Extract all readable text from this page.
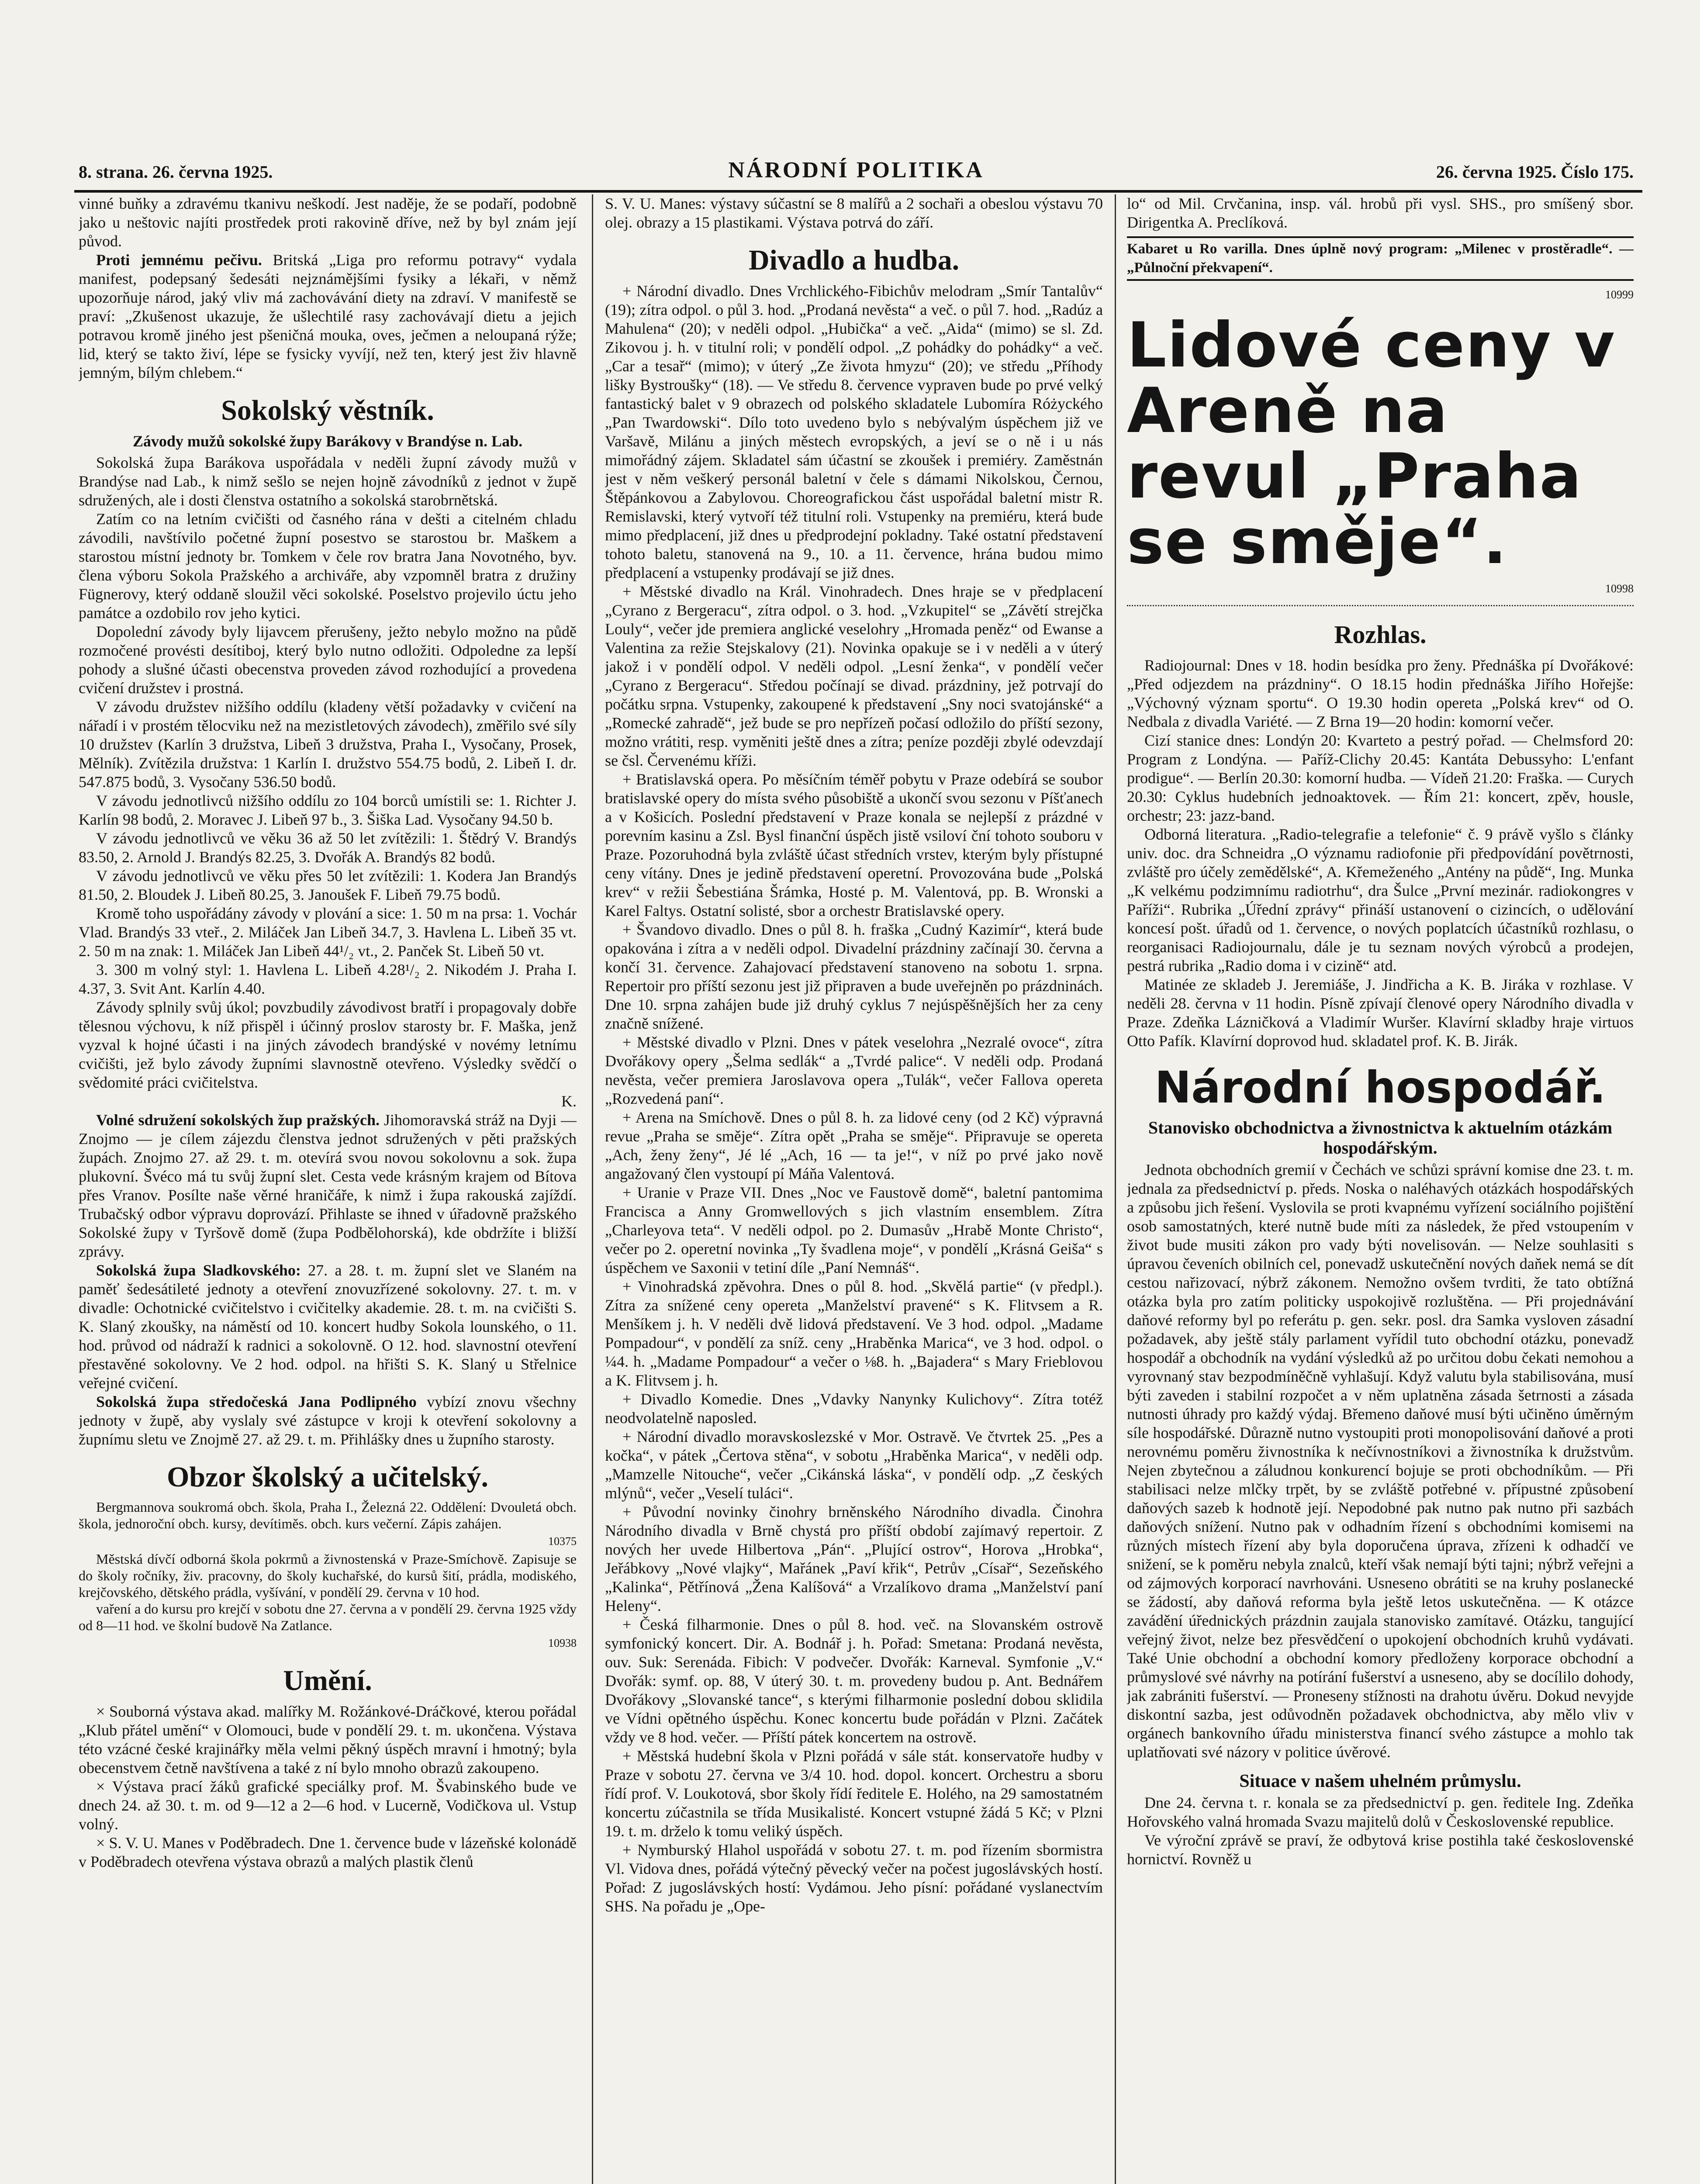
8. strana. 26. června 1925.	NÁRODNÍ POLITIKA	26. června 1925. Číslo 175.

vinné buňky a zdravému tkanivu neškodí. Jest naděje, že se podaří, podobně jako u neštovic najíti prostředek proti rakovině dříve, než by byl znám její původ.

Proti jemnému pečivu. Britská „Liga pro reformu potravy“ vydala manifest, podepsaný šedesáti nejznámějšími fysiky a lékaři, v němž upozorňuje národ, jaký vliv má zachovávání diety na zdraví. V manifestě se praví: „Zkušenost ukazuje, že ušlechtilé rasy zachovávají dietu a jejich potravou kromě jiného jest pšeničná mouka, oves, ječmen a neloupaná rýže; lid, který se takto živí, lépe se fysicky vyvíjí, než ten, který jest živ hlavně jemným, bílým chlebem.“

Sokolský věstník.
Závody mužů sokolské župy Barákovy v Brandýse n. Lab.

Sokolská župa Barákova uspořádala v neděli župní závody mužů v Brandýse nad Lab., k nimž sešlo se nejen hojně závodníků z jednot v župě sdružených, ale i dosti členstva ostatního a sokolská starobrnětská.

Zatím co na letním cvičišti od časného rána v dešti a citelném chladu závodili, navštívilo početné župní posestvo se starostou br. Maškem a starostou místní jednoty br. Tomkem v čele rov bratra Jana Novotného, byv. člena výboru Sokola Pražského a archiváře, aby vzpomněl bratra z družiny Fügnerovy, který oddaně sloužil věci sokolské. Poselstvo projevilo úctu jeho památce a ozdobilo rov jeho kytici.

Dopolední závody byly lijavcem přerušeny, ježto nebylo možno na půdě rozmočené provésti desítiboj, který bylo nutno odložiti. Odpoledne za lepší pohody a slušné účasti obecenstva proveden závod rozhodující a provedena cvičení družstev i prostná.

V závodu družstev nižšího oddílu (kladeny větší požadavky v cvičení na nářadí i v prostém tělocviku než na mezistletových závodech), změřilo své síly 10 družstev (Karlín 3 družstva, Libeň 3 družstva, Praha I., Vysočany, Prosek, Mělník). Zvítězila družstva: 1 Karlín I. družstvo 554.75 bodů, 2. Libeň I. dr. 547.875 bodů, 3. Vysočany 536.50 bodů.

V závodu jednotlivců nižšího oddílu zo 104 borců umístili se: 1. Richter J. Karlín 98 bodů, 2. Moravec J. Libeň 97 b., 3. Šiška Lad. Vysočany 94.50 b.

V závodu jednotlivců ve věku 36 až 50 let zvítězili: 1. Štědrý V. Brandýs 83.50, 2. Arnold J. Brandýs 82.25, 3. Dvořák A. Brandýs 82 bodů.

V závodu jednotlivců ve věku přes 50 let zvítězili: 1. Kodera Jan Brandýs 81.50, 2. Bloudek J. Libeň 80.25, 3. Janoušek F. Libeň 79.75 bodů.

Kromě toho uspořádány závody v plování a sice: 1. 50 m na prsa: 1. Vochár Vlad. Brandýs 33 vteř., 2. Miláček Jan Libeň 34.7, 3. Havlena L. Libeň 35 vt. 2. 50 m na znak: 1. Miláček Jan Libeň 44¹/₂ vt., 2. Panček St. Libeň 50 vt.

3. 300 m volný styl: 1. Havlena L. Libeň 4.28¹/₂ 2. Nikodém J. Praha I. 4.37, 3. Svit Ant. Karlín 4.40.

Závody splnily svůj úkol; povzbudily závodivost bratří i propagovaly dobře tělesnou výchovu, k níž přispěl i účinný proslov starosty br. F. Maška, jenž vyzval k hojné účasti i na jiných závodech brandýské v novémy letnímu cvičišti, jež bylo závody župními slavnostně otevřeno. Výsledky svědčí o svědomité práci cvičitelstva.

K.

Volné sdružení sokolských žup pražských. Jihomoravská stráž na Dyji — Znojmo — je cílem zájezdu členstva jednot sdružených v pěti pražských župách. Znojmo 27. až 29. t. m. otevírá svou novou sokolovnu a sok. župa plukovní. Švéco má tu svůj župní slet. Cesta vede krásným krajem od Bítova přes Vranov. Posílte naše věrné hraničáře, k nimž i župa rakouská zajíždí. Trubačský odbor výpravu doprovází. Přihlaste se ihned v úřadovně pražského Sokolské župy v Tyršově domě (župa Podbělohorská), kde obdržíte i bližší zprávy.

Sokolská župa Sladkovského: 27. a 28. t. m. župní slet ve Slaném na paměť šedesátileté jednoty a otevření znovuzřízené sokolovny. 27. t. m. v divadle: Ochotnické cvičitelstvo i cvičitelky akademie. 28. t. m. na cvičišti S. K. Slaný zkoušky, na náměstí od 10. koncert hudby Sokola lounského, o 11. hod. průvod od nádraží k radnici a sokolovně. O 12. hod. slavnostní otevření přestavěné sokolovny. Ve 2 hod. odpol. na hřišti S. K. Slaný u Střelnice veřejné cvičení.

Sokolská župa středočeská Jana Podlipného vybízí znovu všechny jednoty v župě, aby vyslaly své zástupce v kroji k otevření sokolovny a župnímu sletu ve Znojmě 27. až 29. t. m. Přihlášky dnes u župního starosty.

Obzor školský a učitelský.

Bergmannova soukromá obch. škola, Praha I., Železná 22. Oddělení: Dvouletá obch. škola, jednoroční obch. kursy, devítiměs. obch. kurs večerní. Zápis zahájen.

10375

Městská dívčí odborná škola pokrmů a živnostenská v Praze-Smíchově. Zapisuje se do školy ročníky, živ. pracovny, do školy kuchařské, do kursů šití, prádla, modiského, krejčovského, dětského prádla, vyšívání, v pondělí 29. června v 10 hod.

vaření a do kursu pro krejčí v sobotu dne 27. června a v pondělí 29. června 1925 vždy od 8—11 hod. ve školní budově Na Zatlance.

10938

Umění.

× Souborná výstava akad. malířky M. Rožánkové-Dráčkové, kterou pořádal „Klub přátel umění“ v Olomouci, bude v pondělí 29. t. m. ukončena. Výstava této vzácné české krajinářky měla velmi pěkný úspěch mravní i hmotný; byla obecenstvem četně navštívena a také z ní bylo mnoho obrazů zakoupeno.

× Výstava prací žáků grafické speciálky prof. M. Švabinského bude ve dnech 24. až 30. t. m. od 9—12 a 2—6 hod. v Lucerně, Vodičkova ul. Vstup volný.

× S. V. U. Manes v Poděbradech. Dne 1. července bude v lázeňské kolonádě v Poděbradech otevřena výstava obrazů a malých plastik členů

S. V. U. Manes: výstavy súčastní se 8 malířů a 2 sochaři a obeslou výstavu 70 olej. obrazy a 15 plastikami. Výstava potrvá do září.

Divadlo a hudba.

+ Národní divadlo. Dnes Vrchlického-Fibichův melodram „Smír Tantalův“ (19); zítra odpol. o půl 3. hod. „Prodaná nevěsta“ a več. o půl 7. hod. „Radúz a Mahulena“ (20); v neděli odpol. „Hubička“ a več. „Aida“ (mimo) se sl. Zd. Zikovou j. h. v titulní roli; v pondělí odpol. „Z pohádky do pohádky“ a več. „Car a tesař“ (mimo); v úterý „Ze života hmyzu“ (20); ve středu „Příhody lišky Bystroušky“ (18). — Ve středu 8. července vypraven bude po prvé velký fantastický balet v 9 obrazech od polského skladatele Lubomíra Różyckého „Pan Twardowski“. Dílo toto uvedeno bylo s nebývalým úspěchem již ve Varšavě, Milánu a jiných městech evropských, a jeví se o ně i u nás mimořádný zájem. Skladatel sám účastní se zkoušek i premiéry. Zaměstnán jest v něm veškerý personál baletní v čele s dámami Nikolskou, Černou, Štěpánkovou a Zabylovou. Choreografickou část uspořádal baletní mistr R. Remislavski, který vytvoří též titulní roli. Vstupenky na premiéru, která bude mimo předplacení, již dnes u předprodejní pokladny. Také ostatní představení tohoto baletu, stanovená na 9., 10. a 11. července, hrána budou mimo předplacení a vstupenky prodávají se již dnes.

+ Městské divadlo na Král. Vinohradech. Dnes hraje se v předplacení „Cyrano z Bergeracu“, zítra odpol. o 3. hod. „Vzkupitel“ se „Závětí strejčka Louly“, večer jde premiera anglické veselohry „Hromada peněz“ od Ewanse a Valentina za režie Stejskalovy (21). Novinka opakuje se i v neděli a v úterý jakož i v pondělí odpol. V neděli odpol. „Lesní ženka“, v pondělí večer „Cyrano z Bergeracu“. Středou počínají se divad. prázdniny, jež potrvají do počátku srpna. Vstupenky, zakoupené k představení „Sny noci svatojánské“ a „Romecké zahradě“, jež bude se pro nepřízeň počasí odložilo do příští sezony, možno vrátiti, resp. vyměniti ještě dnes a zítra; peníze později zbylé odevzdají se čsl. Červenému kříži.

+ Bratislavská opera. Po měsíčním téměř pobytu v Praze odebírá se soubor bratislavské opery do místa svého působiště a ukončí svou sezonu v Píšťanech a v Košicích. Poslední představení v Praze konala se nejlepší z prázdné v porevním kasinu a Zsl. Bysl finanční úspěch jistě vsiloví ční tohoto souboru v Praze. Pozoruhodná byla zvláště účast středních vrstev, kterým byly přístupné ceny vítány. Dnes je jedině představení operetní. Provozována bude „Polská krev“ v režii Šebestiána Šrámka, Hosté p. M. Valentová, pp. B. Wronski a Karel Faltys. Ostatní solisté, sbor a orchestr Bratislavské opery.

+ Švandovo divadlo. Dnes o půl 8. h. fraška „Cudný Kazimír“, která bude opakována i zítra a v neděli odpol. Divadelní prázdniny začínají 30. června a končí 31. července. Zahajovací představení stanoveno na sobotu 1. srpna. Repertoir pro příští sezonu jest již připraven a bude uveřejněn po prázdninách. Dne 10. srpna zahájen bude již druhý cyklus 7 nejúspěšnějších her za ceny značně snížené.

+ Městské divadlo v Plzni. Dnes v pátek veselohra „Nezralé ovoce“, zítra Dvořákovy opery „Šelma sedlák“ a „Tvrdé palice“. V neděli odp. Prodaná nevěsta, večer premiera Jaroslavova opera „Tulák“, večer Fallova opereta „Rozvedená paní“.

+ Arena na Smíchově. Dnes o půl 8. h. za lidové ceny (od 2 Kč) výpravná revue „Praha se směje“. Zítra opět „Praha se směje“. Připravuje se opereta „Ach, ženy ženy“, Jé lé „Ach, 16 — ta je!“, v níž po prvé jako nově angažovaný člen vystoupí pí Máňa Valentová.

+ Uranie v Praze VII. Dnes „Noc ve Faustově domě“, baletní pantomima Francisca a Anny Gromwellových s jich vlastním ensemblem. Zítra „Charleyova teta“. V neděli odpol. po 2. Dumasův „Hrabě Monte Christo“, večer po 2. operetní novinka „Ty švadlena moje“, v pondělí „Krásná Geiša“ s úspěchem ve Saxonii v tetiní díle „Paní Nemnáš“.

+ Vinohradská zpěvohra. Dnes o půl 8. hod. „Skvělá partie“ (v předpl.). Zítra za snížené ceny opereta „Manželství pravené“ s K. Flitvsem a R. Menšíkem j. h. V neděli dvě lidová představení. Ve 3 hod. odpol. „Madame Pompadour“, v pondělí za sníž. ceny „Hraběnka Marica“, ve 3 hod. odpol. o ¼4. h. „Madame Pompadour“ a večer o ⅛8. h. „Bajadera“ s Mary Frieblovou a K. Flitvsem j. h.

+ Divadlo Komedie. Dnes „Vdavky Nanynky Kulichovy“. Zítra totéž neodvolatelně naposled.

+ Národní divadlo moravskoslezské v Mor. Ostravě. Ve čtvrtek 25. „Pes a kočka“, v pátek „Čertova stěna“, v sobotu „Hraběnka Marica“, v neděli odp. „Mamzelle Nitouche“, večer „Cikánská láska“, v pondělí odp. „Z českých mlýnů“, večer „Veselí tuláci“.

+ Původní novinky činohry brněnského Národního divadla. Činohra Národního divadla v Brně chystá pro příští období zajímavý repertoir. Z nových her uvede Hilbertova „Pán“. „Plující ostrov“, Horova „Hrobka“, Jeřábkovy „Nové vlajky“, Mařánek „Paví křik“, Petrův „Císař“, Sezeňského „Kalinka“, Pětřínová „Žena Kalíšová“ a Vrzalíkovo drama „Manželství paní Heleny“.

+ Česká filharmonie. Dnes o půl 8. hod. več. na Slovanském ostrově symfonický koncert. Dir. A. Bodnář j. h. Pořad: Smetana: Prodaná nevěsta, ouv. Suk: Serenáda. Fibich: V podvečer. Dvořák: Karneval. Symfonie „V.“ Dvořák: symf. op. 88, V úterý 30. t. m. provedeny budou p. Ant. Bednářem Dvořákovy „Slovanské tance“, s kterými filharmonie poslední dobou sklidila ve Vídni opětného úspěchu. Konec koncertu bude pořádán v Plzni. Začátek vždy ve 8 hod. večer. — Příští pátek koncertem na ostrově.

+ Městská hudební škola v Plzni pořádá v sále stát. konservatoře hudby v Praze v sobotu 27. června ve 3/4 10. hod. dopol. koncert. Orchestru a sboru řídí prof. V. Loukotová, sbor školy řídí ředitele E. Holého, na 29 samostatném koncertu zúčastnila se třída Musikalisté. Koncert vstupné žádá 5 Kč; v Plzni 19. t. m. drželo k tomu veliký úspěch.

+ Nymburský Hlahol uspořádá v sobotu 27. t. m. pod řízením sbormistra Vl. Vidova dnes, pořádá výtečný pěvecký večer na počest jugoslávských hostí. Pořad: Z jugoslávských hostí: Vydámou. Jeho písní: pořádané vyslanectvím SHS. Na pořadu je „Ope-

lo“ od Mil. Crvčanina, insp. vál. hrobů při vysl. SHS., pro smíšený sbor. Dirigentka A. Preclíková.

Kabaret u Ro varilla. Dnes úplně nový program: „Milenec v prostěradle“. — „Půlnoční překvapení“.

10999

Lidové ceny v Areně na revul „Praha se směje“.

10998

Rozhlas.

Radiojournal: Dnes v 18. hodin besídka pro ženy. Přednáška pí Dvořákové: „Před odjezdem na prázdniny“. O 18.15 hodin přednáška Jiřího Hořejše: „Výchovný význam sportu“. O 19.30 hodin opereta „Polská krev“ od O. Nedbala z divadla Variété. — Z Brna 19—20 hodin: komorní večer.

Cizí stanice dnes: Londýn 20: Kvarteto a pestrý pořad. — Chelmsford 20: Program z Londýna. — Paříž-Clichy 20.45: Kantáta Debussyho: L'enfant prodigue“. — Berlín 20.30: komorní hudba. — Vídeň 21.20: Fraška. — Curych 20.30: Cyklus hudebních jednoaktovek. — Řím 21: koncert, zpěv, housle, orchestr; 23: jazz-band.

Odborná literatura. „Radio-telegrafie a telefonie“ č. 9 právě vyšlo s články univ. doc. dra Schneidra „O významu radiofonie při předpovídání povětrnosti, zvláště pro účely zemědělské“, A. Křemeženého „Antény na půdě“, Ing. Munka „K velkému podzimnímu radiotrhu“, dra Šulce „První mezinár. radiokongres v Paříži“. Rubrika „Úřední zprávy“ přináší ustanovení o cizincích, o udělování koncesí pošt. úřadů od 1. července, o nových poplatcích účastníků rozhlasu, o reorganisaci Radiojournalu, dále je tu seznam nových výrobců a prodejen, pestrá rubrika „Radio doma i v cizině“ atd.

Matinée ze skladeb J. Jeremiáše, J. Jindřicha a K. B. Jiráka v rozhlase. V neděli 28. června v 11 hodin. Písně zpívají členové opery Národního divadla v Praze. Zdeňka Lázničková a Vladimír Wuršer. Klavírní skladby hraje virtuos Otto Pafík. Klavírní doprovod hud. skladatel prof. K. B. Jirák.

Národní hospodář.
Stanovisko obchodnictva a živnostnictva k aktuelním otázkám hospodářským.

Jednota obchodních gremií v Čechách ve schůzi správní komise dne 23. t. m. jednala za předsednictví p. předs. Noska o naléhavých otázkách hospodářských a způsobu jich řešení. Vyslovila se proti kvapnému vyřízení sociálního pojištění osob samostatných, které nutně bude míti za následek, že před vstoupením v život bude musiti zákon pro vady býti novelisován. — Nelze souhlasiti s úpravou čeveních obilních cel, ponevadž uskutečnění nových daňek nemá se dít cestou nařizovací, nýbrž zákonem. Nemožno ovšem tvrditi, že tato obtížná otázka byla pro zatím politicky uspokojivě rozluštěna. — Při projednávání daňové reformy byl po referátu p. gen. sekr. posl. dra Samka vysloven zásadní požadavek, aby ještě stály parlament vyřídil tuto obchodní otázku, ponevadž hospodář a obchodník na vydání výsledků až po určitou dobu čekati nemohou a vyrovnaný stav bezpodmíněčně vyhlašují. Když valutu byla stabilisována, musí býti zaveden i stabilní rozpočet a v něm uplatněna zásada šetrnosti a zásada nutnosti úhrady pro každý výdaj. Břemeno daňové musí býti učiněno úměrným síle hospodářské. Důrazně nutno vystoupiti proti monopolisování daňové a proti nerovnému poměru živnostníka k nečívnostníkovi a živnostníka k družstvům. Nejen zbytečnou a záludnou konkurencí bojuje se proti obchodníkům. — Při stabilisaci nelze mlčky trpět, by se zvláště potřebné v. přípustné způsobení daňových sazeb k hodnotě její. Nepodobné pak nutno pak nutno při sazbách daňových snížení. Nutno pak v odhadním řízení s obchodními komisemi na různých místech řízení aby byla doporučena úprava, zřízeni k odhadčí ve snižení, se k poměru nebyla znalců, kteří však nemají býti tajni; nýbrž veřejni a od zájmových korporací navrhováni. Usneseno obrátiti se na kruhy poslanecké se žádostí, aby daňová reforma byla ještě letos uskutečněna. — K otázce zavádění úřednických prázdnin zaujala stanovisko zamítavé. Otázku, tangující veřejný život, nelze bez přesvědčení o upokojení obchodních kruhů vydávati. Také Unie obchodní a obchodní komory předloženy korporace obchodní a průmyslové své návrhy na potírání fušerství a usneseno, aby se docílilo dohody, jak zabrániti fušerství. — Proneseny stížnosti na drahotu úvěru. Dokud nevyjde diskontní sazba, jest odůvodněn požadavek obchodnictva, aby mělo vliv v orgánech bankovního úřadu ministerstva financí svého zástupce a mohlo tak uplatňovati své názory v politice úvěrové.

Situace v našem uhelném průmyslu.

Dne 24. června t. r. konala se za předsednictví p. gen. ředitele Ing. Zdeňka Hořovského valná hromada Svazu majitelů dolů v Československé republice.

Ve výroční zprávě se praví, že odbytová krise postihla také československé hornictví. Rovněž u
